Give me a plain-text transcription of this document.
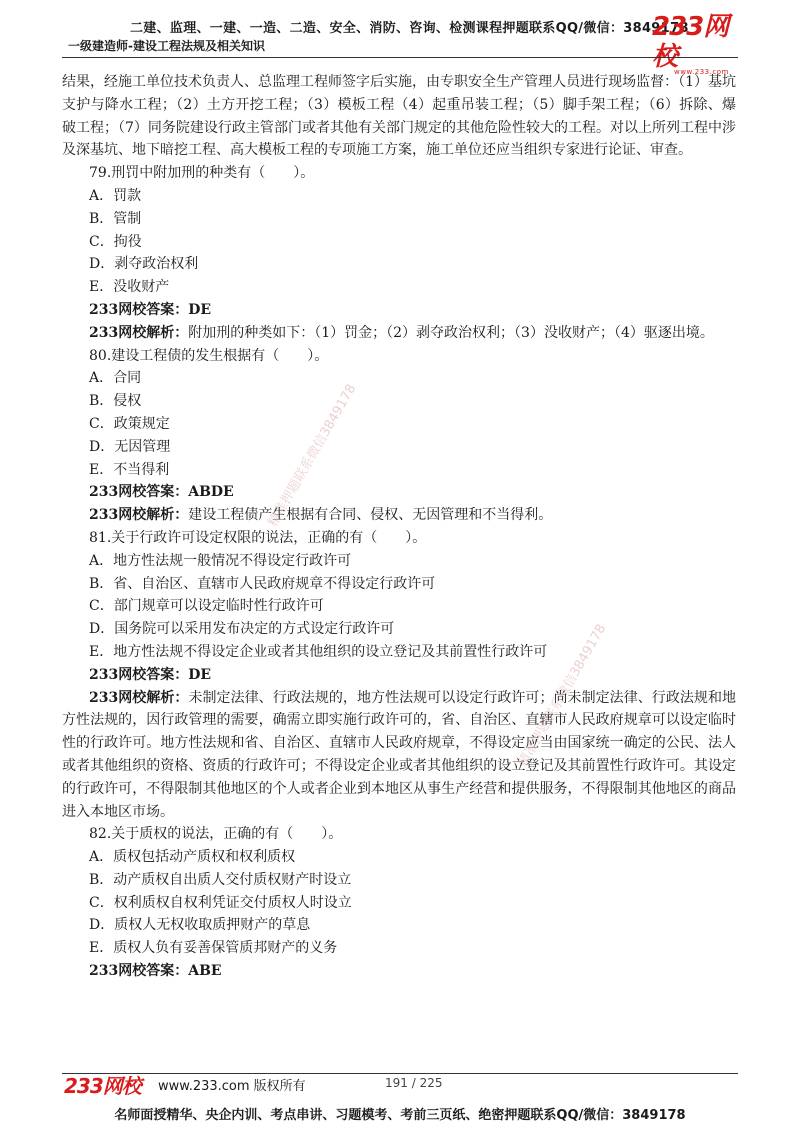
二建、监理、一建、一造、二造、安全、消防、咨询、检测课程押题联系QQ/微信：3849178
一级建造师-建设工程法规及相关知识
233网校
www.233.com

结果，经施工单位技术负责人、总监理工程师签字后实施，由专职安全生产管理人员进行现场监督：（1）基坑支护与降水工程；（2）土方开挖工程；（3）模板工程（4）起重吊装工程；（5）脚手架工程；（6）拆除、爆破工程；（7）同务院建设行政主管部门或者其他有关部门规定的其他危险性较大的工程。对以上所列工程中涉及深基坑、地下暗挖工程、高大模板工程的专项施工方案，施工单位还应当组织专家进行论证、审查。

79.刑罚中附加刑的种类有（　　）。

A．罚款

B．管制

C．拘役

D．剥夺政治权利

E．没收财产

233网校答案：DE

233网校解析：附加刑的种类如下：（1）罚金；（2）剥夺政治权利；（3）没收财产；（4）驱逐出境。

80.建设工程债的发生根据有（　　）。

A．合同

B．侵权

C．政策规定

D．无因管理

E．不当得利

233网校答案：ABDE

233网校解析：建设工程债产生根据有合同、侵权、无因管理和不当得利。

81.关于行政许可设定权限的说法，正确的有（　　）。

A．地方性法规一般情况不得设定行政许可

B．省、自治区、直辖市人民政府规章不得设定行政许可

C．部门规章可以设定临时性行政许可

D．国务院可以采用发布决定的方式设定行政许可

E．地方性法规不得设定企业或者其他组织的设立登记及其前置性行政许可

233网校答案：DE

233网校解析：未制定法律、行政法规的，地方性法规可以设定行政许可；尚未制定法律、行政法规和地方性法规的，因行政管理的需要，确需立即实施行政许可的，省、自治区、直辖市人民政府规章可以设定临时性的行政许可。地方性法规和省、自治区、直辖市人民政府规章，不得设定应当由国家统一确定的公民、法人或者其他组织的资格、资质的行政许可；不得设定企业或者其他组织的设立登记及其前置性行政许可。其设定的行政许可，不得限制其他地区的个人或者企业到本地区从事生产经营和提供服务，不得限制其他地区的商品进入本地区市场。

82.关于质权的说法，正确的有（　　）。

A．质权包括动产质权和权利质权

B．动产质权自出质人交付质权财产时设立

C．权利质权自权利凭证交付质权人时设立

D．质权人无权收取质押财产的草息

E．质权人负有妥善保管质邦财产的义务

233网校答案：ABE

精准押题联系微信3849178
精准押题联系微信3849178
233网校 www.233.com 版权所有	191 / 225
名师面授精华、央企内训、考点串讲、习题模考、考前三页纸、绝密押题联系QQ/微信：3849178
